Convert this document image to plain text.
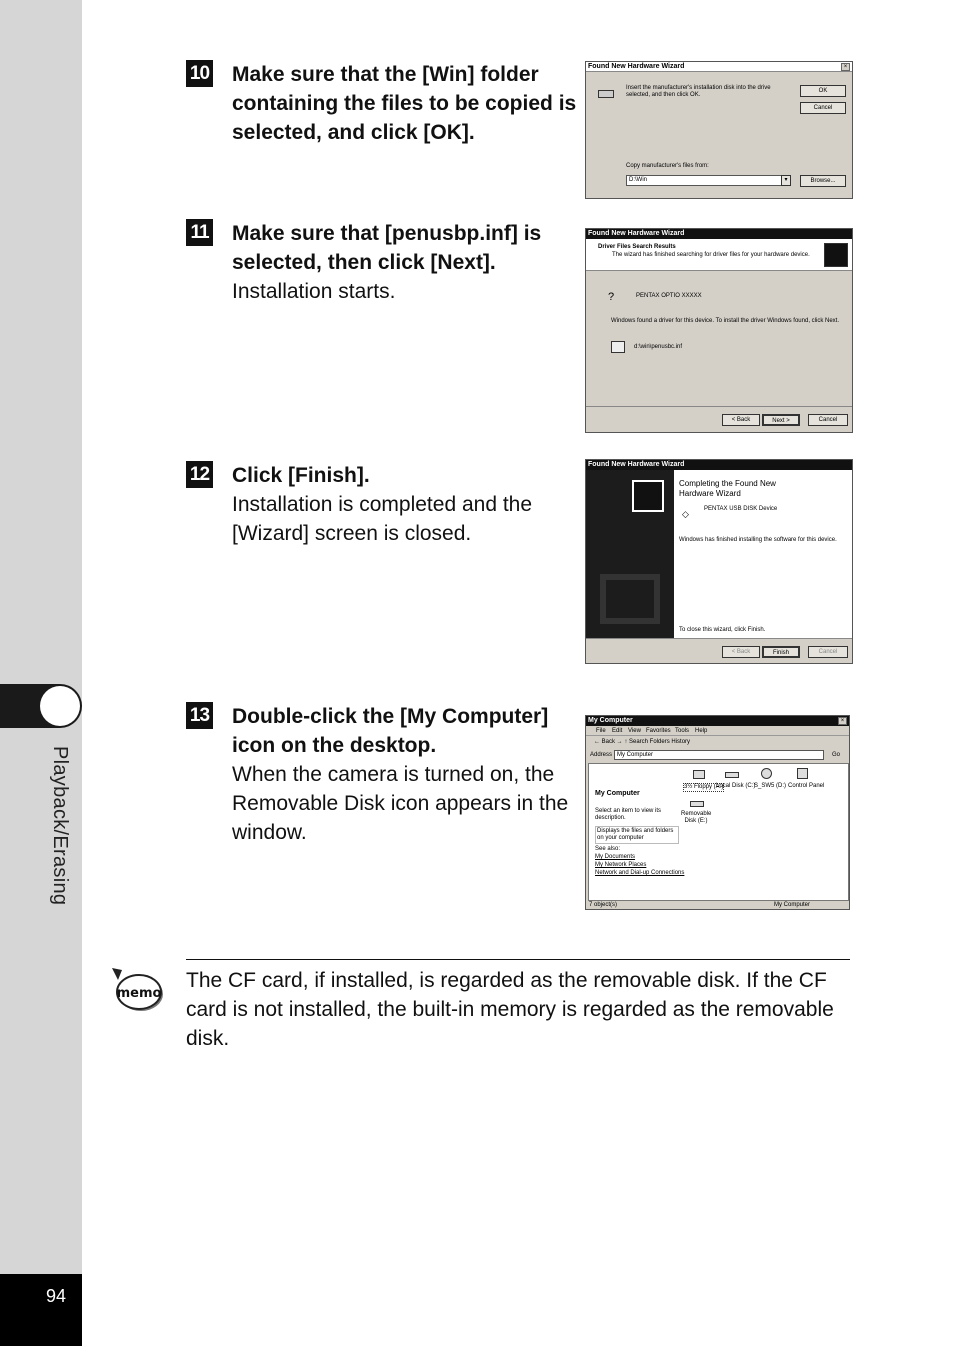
Playback/Erasing
94
10 Make sure that the [Win] folder containing the files to be copied is selected, and click [OK].
Found New Hardware Wizard	×
Insert the manufacturer's installation disk into the drive selected, and then click OK.
OK
Cancel
Copy manufacturer's files from:
D:\Win	▾	Browse...
11 Make sure that [penusbp.inf] is selected, then click [Next].
Installation starts.
Found New Hardware Wizard
Driver Files Search Results
The wizard has finished searching for driver files for your hardware device.
?	PENTAX OPTIO XXXXX
Windows found a driver for this device. To install the driver Windows found, click Next.
d:\win\penusbc.inf
< Back	Next >	Cancel
12 Click [Finish].
Installation is completed and the [Wizard] screen is closed.
Found New Hardware Wizard
Completing the Found New Hardware Wizard
◇	PENTAX USB DISK Device
Windows has finished installing the software for this device.
To close this wizard, click Finish.
< Back	Finish	Cancel
13 Double-click the [My Computer] icon on the desktop.
When the camera is turned on, the Removable Disk icon appears in the window.
My Computer	×
File Edit View Favorites Tools Help
← Back → ↑ Search Folders History
Address My Computer	Go
My Computer
Select an item to view its description.
Displays the files and folders on your computer
See also:
My Documents
My Network Places
Network and Dial-up Connections
3½ Floppy (A:)
Local Disk (C:)
S_SW5 (D:) Control Panel
Removable Disk (E:)
7 object(s)	My Computer
memo
The CF card, if installed, is regarded as the removable disk. If the CF card is not installed, the built-in memory is regarded as the removable disk.
